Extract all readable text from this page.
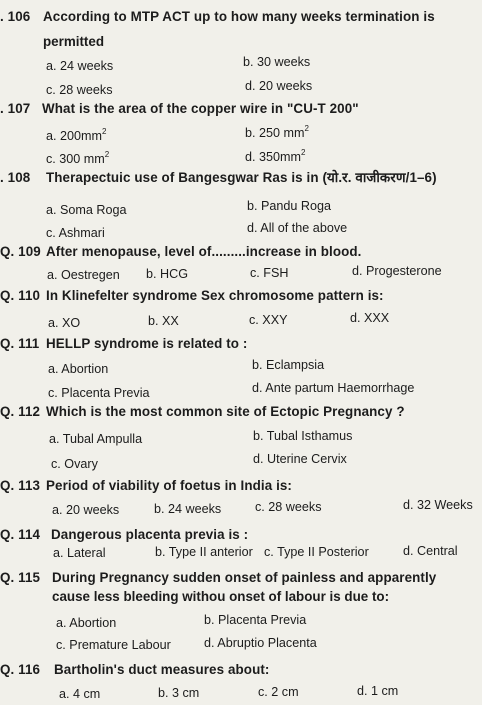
. 106 According to MTP ACT up to how many weeks termination is
permitted
a. 24 weeks	b. 30 weeks
c. 28 weeks	d. 20 weeks
. 107 What is the area of the copper wire in "CU-T 200"
a. $200mm^2$	b. 250 $mm^2$
c. 300 $mm^2$	d. $350mm^2$
. 108 Therapectuic use of Bangesgwar Ras is in (यो.र. वाजीकरण/1–6)
a. Soma Roga	b. Pandu Roga
c. Ashmari	d. All of the above
Q. 109 After menopause, level of.........increase in blood.
a. Oestregen b. HCG	c. FSH	d. Progesterone
Q. 110 In Klinefelter syndrome Sex chromosome pattern is:
a. XO	b. XX	c. XXY	d. XXX
Q. 111 HELLP syndrome is related to :
a. Abortion	b. Eclampsia
c. Placenta Previa	d. Ante partum Haemorrhage
Q. 112 Which is the most common site of Ectopic Pregnancy ?
a. Tubal Ampulla	b. Tubal Isthamus
c. Ovary	d. Uterine Cervix
Q. 113 Period of viability of foetus in India is:
a. 20 weeks	b. 24 weeks	c. 28 weeks	d. 32 Weeks
Q. 114 Dangerous placenta previa is :
a. Lateral	b. Type II anterior c. Type II Posterior	d. Central
Q. 115 During Pregnancy sudden onset of painless and apparently
cause less bleeding withou onset of labour is due to:
a. Abortion	b. Placenta Previa
c. Premature Labour	d. Abruptio Placenta
Q. 116 Bartholin's duct measures about:
a. 4 cm	b. 3 cm	c. 2 cm	d. 1 cm
